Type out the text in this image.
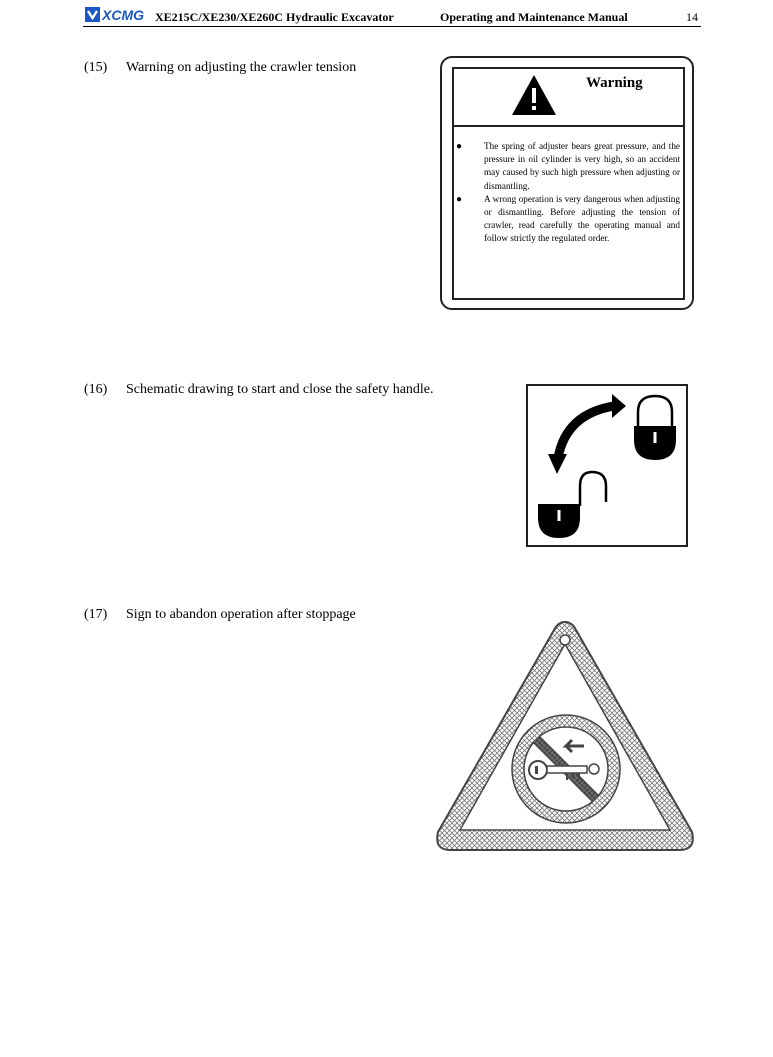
XCMG XE215C/XE230/XE260C Hydraulic Excavator	Operating and Maintenance Manual	14
(15) Warning on adjusting the crawler tension
Warning
● The spring of adjuster bears great pressure, and the pressure in oil cylinder is very high, so an accident may caused by such high pressure when adjusting or dismantling.
● A wrong operation is very dangerous when adjusting or dismantling. Before adjusting the tension of crawler, read carefully the operating manual and follow strictly the regulated order.
(16) Schematic drawing to start and close the safety handle.
(17) Sign to abandon operation after stoppage
